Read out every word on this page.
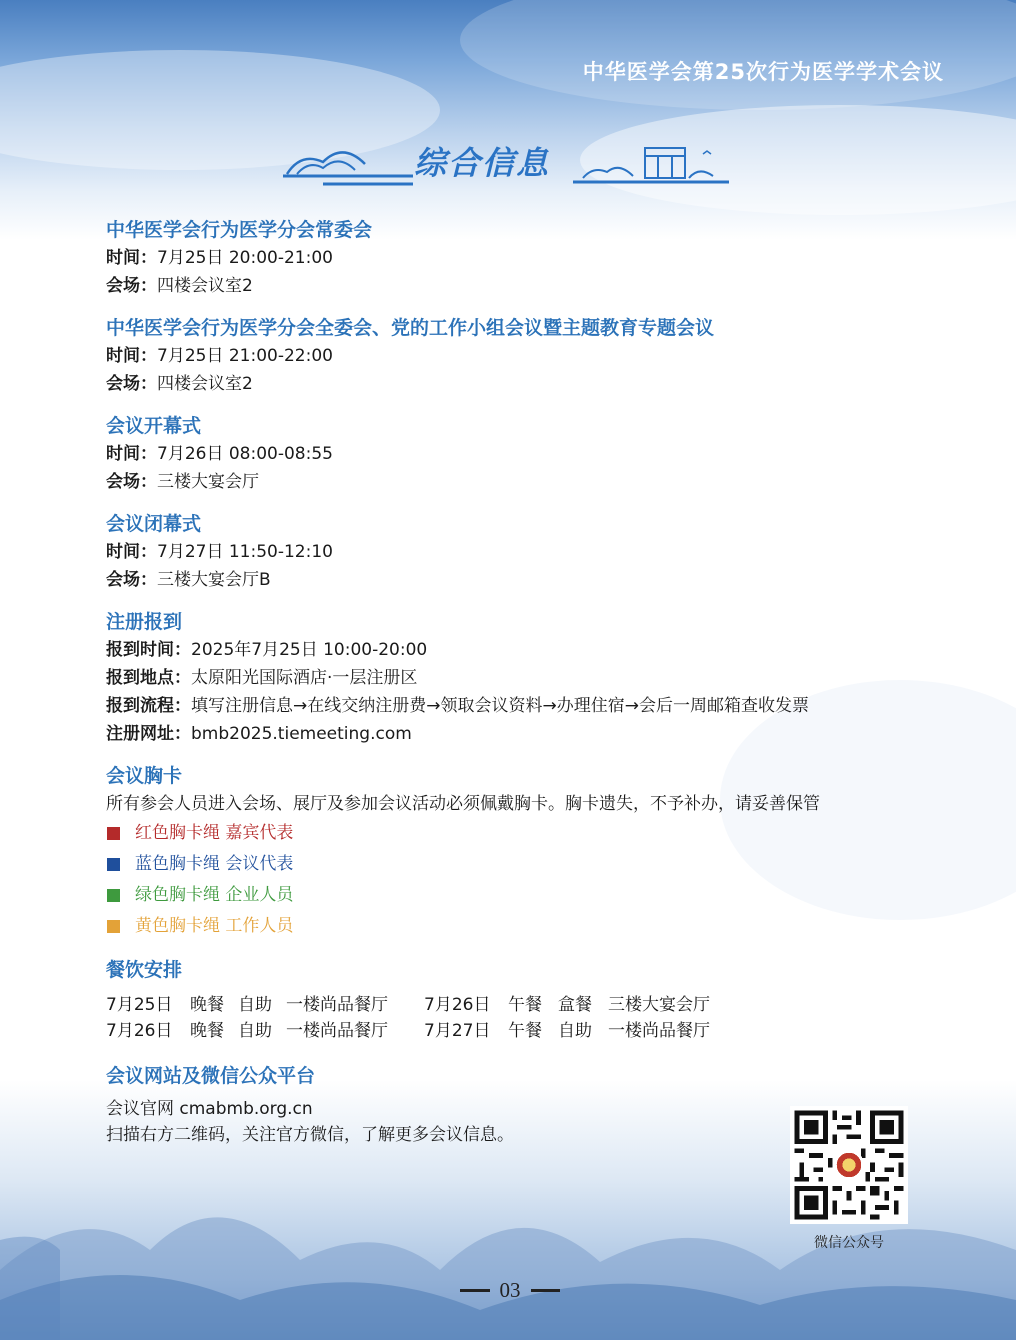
中华医学会第25次行为医学学术会议
综合信息

中华医学会行为医学分会常委会

时间：7月25日 20:00-21:00

会场：四楼会议室2

中华医学会行为医学分会全委会、党的工作小组会议暨主题教育专题会议

时间：7月25日 21:00-22:00

会场：四楼会议室2

会议开幕式

时间：7月26日 08:00-08:55

会场：三楼大宴会厅

会议闭幕式

时间：7月27日 11:50-12:10

会场：三楼大宴会厅B

注册报到

报到时间：2025年7月25日 10:00-20:00

报到地点：太原阳光国际酒店·一层注册区

报到流程：填写注册信息→在线交纳注册费→领取会议资料→办理住宿→会后一周邮箱查收发票

注册网址：bmb2025.tiemeeting.com

会议胸卡

所有参会人员进入会场、展厅及参加会议活动必须佩戴胸卡。胸卡遗失，不予补办，请妥善保管

红色胸卡绳 嘉宾代表
蓝色胸卡绳 会议代表
绿色胸卡绳 企业人员
黄色胸卡绳 工作人员

餐饮安排

7月25日	晚餐 自助 一楼尚品餐厅	7月26日	午餐 盒餐 三楼大宴会厅
7月26日	晚餐 自助 一楼尚品餐厅	7月27日	午餐 自助 一楼尚品餐厅

会议网站及微信公众平台

会议官网 cmabmb.org.cn

扫描右方二维码，关注官方微信，了解更多会议信息。

微信公众号
03
